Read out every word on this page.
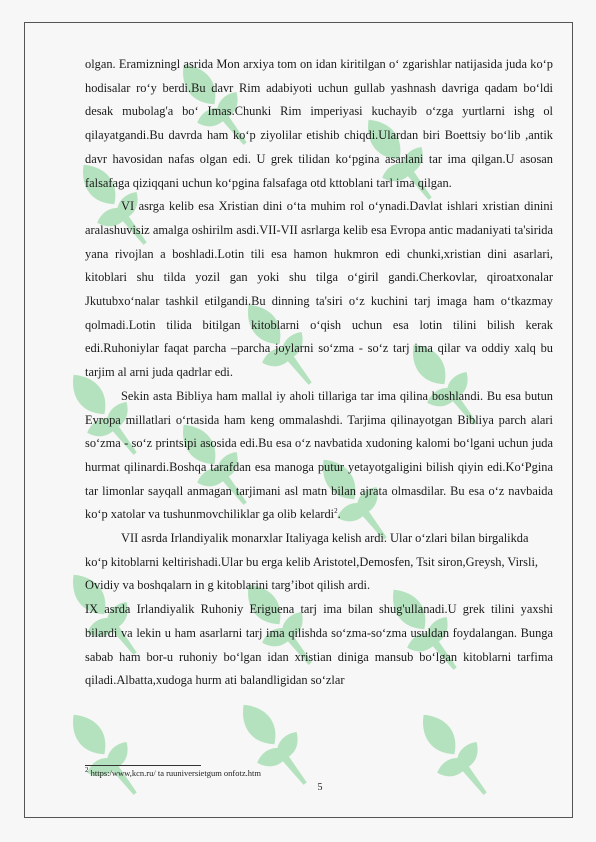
olgan. Eramizningl asrida Mon arxiya tom on idan kiritilgan o‘ zgarishlar natijasida juda ko‘p hodisalar ro‘y berdi.Bu davr Rim adabiyoti uchun gullab yashnash davriga qadam bo‘ldi desak mubolag'a bo‘ Imas.Chunki Rim imperiyasi kuchayib o‘zga yurtlarni ishg ol qilayatgandi.Bu davrda ham ko‘p ziyolilar etishib chiqdi.Ulardan biri Boettsiy bo‘lib ,antik davr havosidan nafas olgan edi. U grek tilidan ko‘pgina asarlani tar ima qilgan.U asosan falsafaga qiziqqani uchun ko‘pgina falsafaga otd kttoblani tarl ima qilgan.

VI asrga kelib esa Xristian dini o‘ta muhim rol o‘ynadi.Davlat ishlari xristian dinini aralashuvisiz amalga oshirilm asdi.VII-VII asrlarga kelib esa Evropa antic madaniyati ta'sirida yana rivojlan a boshladi.Lotin tili esa hamon hukmron edi chunki,xristian dini asarlari, kitoblari shu tilda yozil gan yoki shu tilga o‘giril gandi.Cherkovlar, qiroatxonalar Jkutubxo‘nalar tashkil etilgandi.Bu dinning ta'siri o‘z kuchini tarj imaga ham o‘tkazmay qolmadi.Lotin tilida bitilgan kitoblarni o‘qish uchun esa lotin tilini bilish kerak edi.Ruhoniylar faqat parcha –parcha joylarni so‘zma - so‘z tarj ima qilar va oddiy xalq bu tarjim al arni juda qadrlar edi.

Sekin asta Bibliya ham mallal iy aholi tillariga tar ima qilina boshlandi. Bu esa butun Evropa millatlari o‘rtasida ham keng ommalashdi. Tarjima qilinayotgan Bibliya parch alari so‘zma - so‘z printsipi asosida edi.Bu esa o‘z navbatida xudoning kalomi bo‘lgani uchun juda hurmat qilinardi.Boshqa tarafdan esa manoga putur yetayotgaligini bilish qiyin edi.Ko‘Pgina tar limonlar sayqall anmagan tarjimani asl matn bilan ajrata olmasdilar. Bu esa o‘z navbaida ko‘p xatolar va tushunmovchiliklar ga olib kelardi$^2$.

VII asrda Irlandiyalik monarxlar Italiyaga kelish ardi. Ular o‘zlari bilan birgalikda ko‘p kitoblarni keltirishadi.Ular bu erga kelib Aristotel,Demosfen, Tsit siron,Greysh, Virsli, Ovidiy va boshqalarn in g kitoblarini targ’ibot qilish ardi.

IX asrda Irlandiyalik Ruhoniy Eriguena tarj ima bilan shug'ullanadi.U grek tilini yaxshi bilardi va lekin u ham asarlarni tarj ima qilishda so‘zma-so‘zma usuldan foydalangan. Bunga sabab ham bor-u ruhoniy bo‘lgan idan xristian diniga mansub bo‘lgan kitoblarni tarfima qiladi.Albatta,xudoga hurm ati balandligidan so‘zlar

$^2$ https:/www,kcn.ru/ ta ruuniversietgum onfotz.htm
5
